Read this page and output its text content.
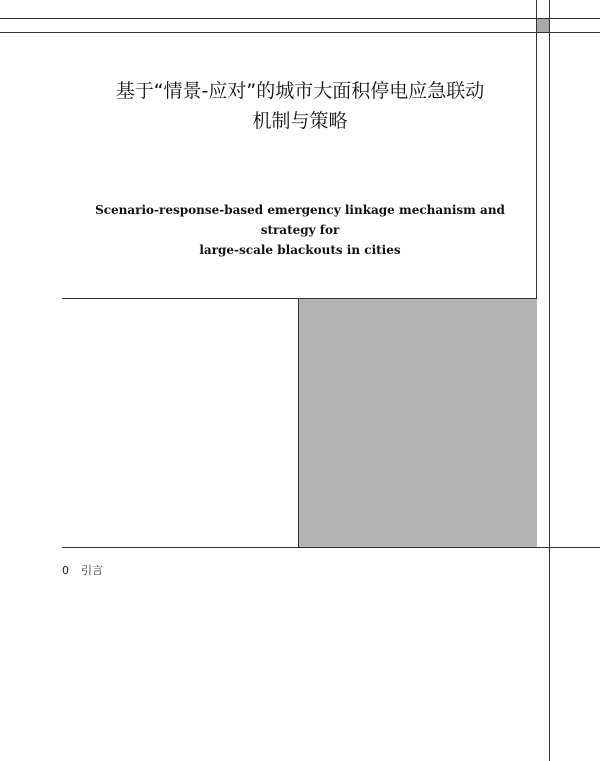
基于“情景-应对”的城市大面积停电应急联动
机制与策略
Scenario-response-based emergency linkage mechanism and strategy for
large-scale blackouts in cities
0 引言
